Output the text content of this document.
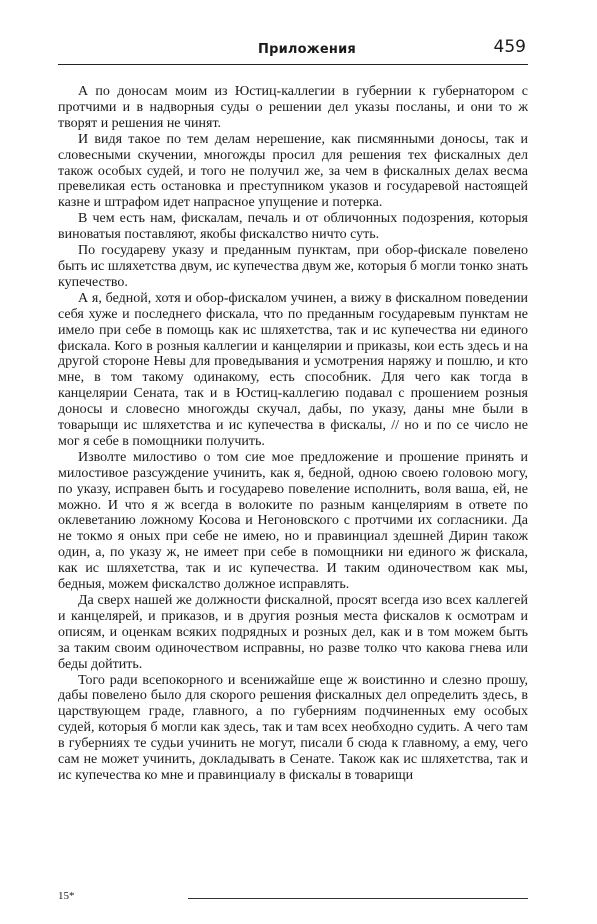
Приложения	459

А по доносам моим из Юстиц-каллегии в губернии к губернатором с протчими и в надворныя суды о решении дел указы посланы, и они то ж творят и решения не чинят.

И видя такое по тем делам нерешение, как писмянными доносы, так и словесными скучении, многожды просил для решения тех фискалных дел також особых судей, и того не получил же, за чем в фискалных делах весма превеликая есть остановка и преступником указов и государевой настоящей казне и штрафом идет напрасное упущение и потерка.

В чем есть нам, фискалам, печаль и от обличонных подозрения, которыя виноватыя поставляют, якобы фискалство ничто суть.

По государеву указу и преданным пунктам, при обор-фискале повелено быть ис шляхетства двум, ис купечества двум же, которыя б могли тонко знать купечество.

А я, бедной, хотя и обор-фискалом учинен, а вижу в фискалном поведении себя хуже и последнего фискала, что по преданным государевым пунктам не имело при себе в помощь как ис шляхетства, так и ис купечества ни единого фискала. Кого в розныя каллегии и канцелярии и приказы, кои есть здесь и на другой стороне Невы для проведывания и усмотрения наряжу и пошлю, и кто мне, в том такому одинакому, есть способник. Для чего как тогда в канцелярии Сената, так и в Юстиц-каллегию подавал с прошением розныя доносы и словесно многожды скучал, дабы, по указу, даны мне были в товарыщи ис шляхетства и ис купечества в фискалы, // но и по се число не мог я себе в помощники получить.

Изволте милостиво о том сие мое предложение и прошение принять и милостивое разсуждение учинить, как я, бедной, одною своею головою могу, по указу, исправен быть и государево повеление исполнить, воля ваша, ей, не можно. И что я ж всегда в волоките по разным канцеляриям в ответе по оклеветанию ложному Косова и Негоновского с протчими их согласники. Да не токмо я оных при себе не имею, но и правинциал здешней Дирин також один, а, по указу ж, не имеет при себе в помощники ни единого ж фискала, как ис шляхетства, так и ис купечества. И таким одиночеством как мы, бедныя, можем фискалство должное исправлять.

Да сверх нашей же должности фискалной, просят всегда изо всех каллегей и канцелярей, и приказов, и в другия розныя места фискалов к осмотрам и описям, и оценкам всяких подрядных и розных дел, как и в том можем быть за таким своим одиночеством исправны, но разве толко что какова гнева или беды дойтить.

Того ради всепокорного и всенижайше еще ж воистинно и слезно прошу, дабы повелено было для скорого решения фискалных дел определить здесь, в царствующем граде, главного, а по губерниям подчиненных ему особых судей, которыя б могли как здесь, так и там всех необходно судить. А чего там в губерниях те судьи учинить не могут, писали б сюда к главному, а ему, чего сам не может учинить, докладывать в Сенате. Також как ис шляхетства, так и ис купечества ко мне и правинциалу в фискалы в товарищи

15*
